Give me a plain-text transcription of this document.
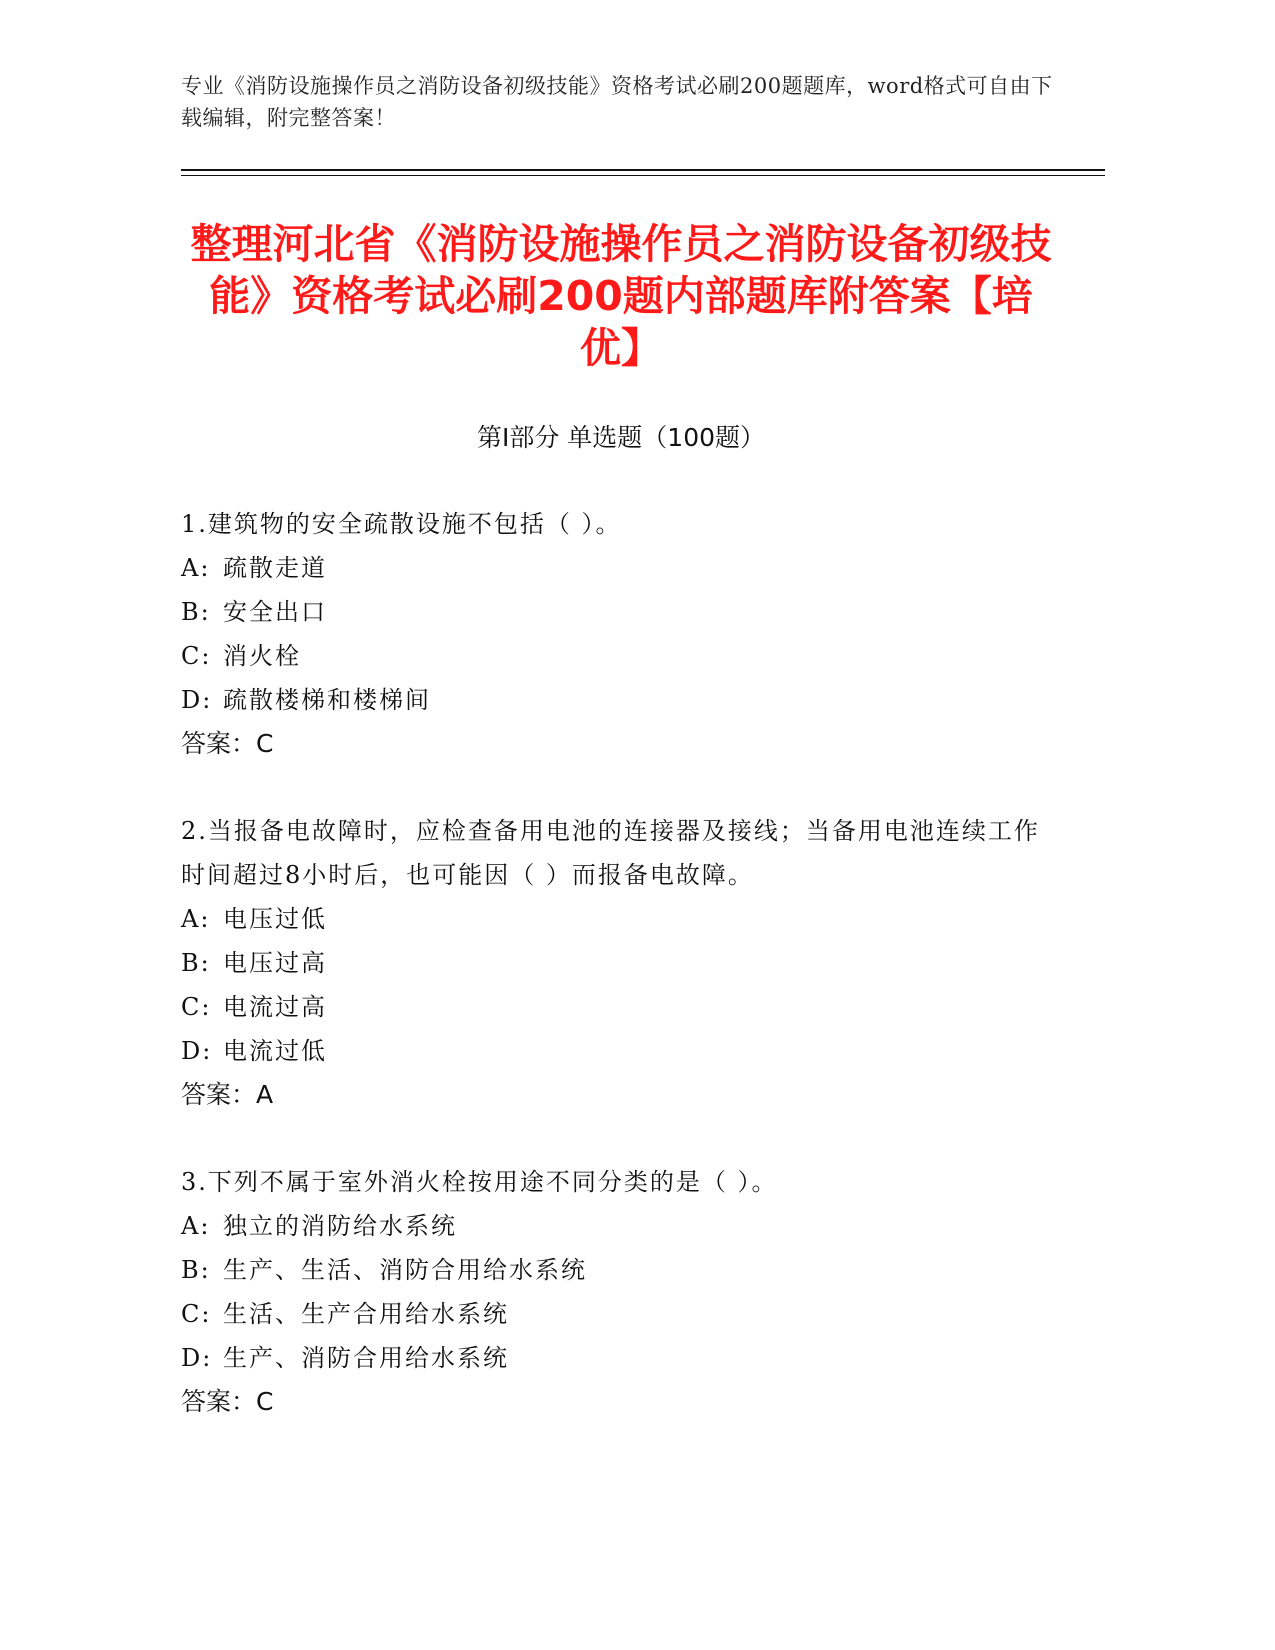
专业《消防设施操作员之消防设备初级技能》资格考试必刷200题题库，word格式可自由下载编辑，附完整答案！
整理河北省《消防设施操作员之消防设备初级技能》资格考试必刷200题内部题库附答案【培优】
第Ⅰ部分 单选题（100题）
1.建筑物的安全疏散设施不包括（ ）。
A: 疏散走道
B: 安全出口
C: 消火栓
D: 疏散楼梯和楼梯间
答案：C
2.当报备电故障时，应检查备用电池的连接器及接线；当备用电池连续工作时间超过8小时后，也可能因（ ）而报备电故障。
A: 电压过低
B: 电压过高
C: 电流过高
D: 电流过低
答案：A
3.下列不属于室外消火栓按用途不同分类的是（ ）。
A: 独立的消防给水系统
B: 生产、生活、消防合用给水系统
C: 生活、生产合用给水系统
D: 生产、消防合用给水系统
答案：C
